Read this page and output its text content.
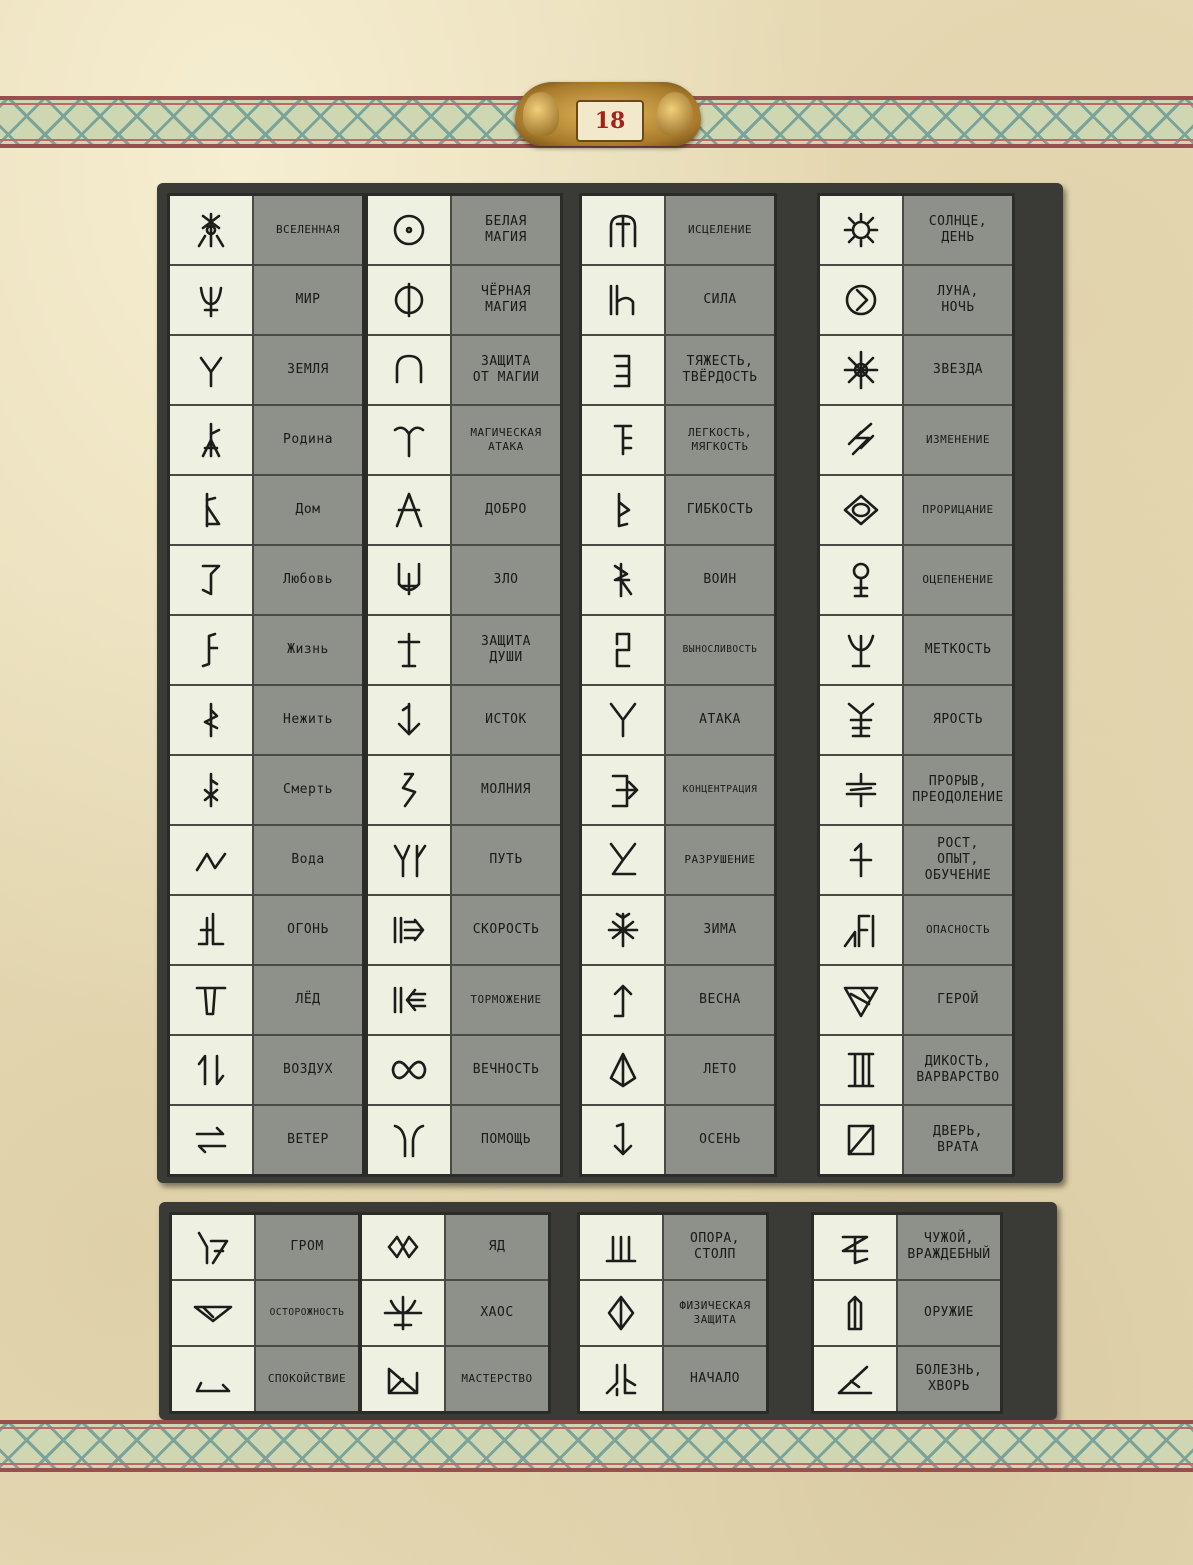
18
ВСЕЛЕННАЯ
МИР
ЗЕМЛЯ
Родина
Дом
Любовь
Жизнь
Нежить
Смерть
Вода
ОГОНЬ
ЛЁД
ВОЗДУХ
ВЕТЕР
БЕЛАЯ
МАГИЯ
ЧЁРНАЯ
МАГИЯ
ЗАЩИТА
ОТ МАГИИ
МАГИЧЕСКАЯ
АТАКА
ДОБРО
ЗЛО
ЗАЩИТА
ДУШИ
ИСТОК
МОЛНИЯ
ПУТЬ
СКОРОСТЬ
ТОРМОЖЕНИЕ
ВЕЧНОСТЬ
ПОМОЩЬ
ИСЦЕЛЕНИЕ
СИЛА
ТЯЖЕСТЬ,
ТВЁРДОСТЬ
ЛЕГКОСТЬ,
МЯГКОСТЬ
ГИБКОСТЬ
ВОИН
ВЫНОСЛИВОСТЬ
АТАКА
КОНЦЕНТРАЦИЯ
РАЗРУШЕНИЕ
ЗИМА
ВЕСНА
ЛЕТО
ОСЕНЬ
СОЛНЦЕ,
ДЕНЬ
ЛУНА,
НОЧЬ
ЗВЕЗДА
ИЗМЕНЕНИЕ
ПРОРИЦАНИЕ
ОЦЕПЕНЕНИЕ
МЕТКОСТЬ
ЯРОСТЬ
ПРОРЫВ,
ПРЕОДОЛЕНИЕ
РОСТ,
ОПЫТ,
ОБУЧЕНИЕ
ОПАСНОСТЬ
ГЕРОЙ
ДИКОСТЬ,
ВАРВАРСТВО
ДВЕРЬ,
ВРАТА
ГРОМ
ОСТОРОЖНОСТЬ
СПОКОЙСТВИЕ
ЯД
ХАОС
МАСТЕРСТВО
ОПОРА,
СТОЛП
ФИЗИЧЕСКАЯ
ЗАЩИТА
НАЧАЛО
ЧУЖОЙ,
ВРАЖДЕБНЫЙ
ОРУЖИЕ
БОЛЕЗНЬ,
ХВОРЬ
